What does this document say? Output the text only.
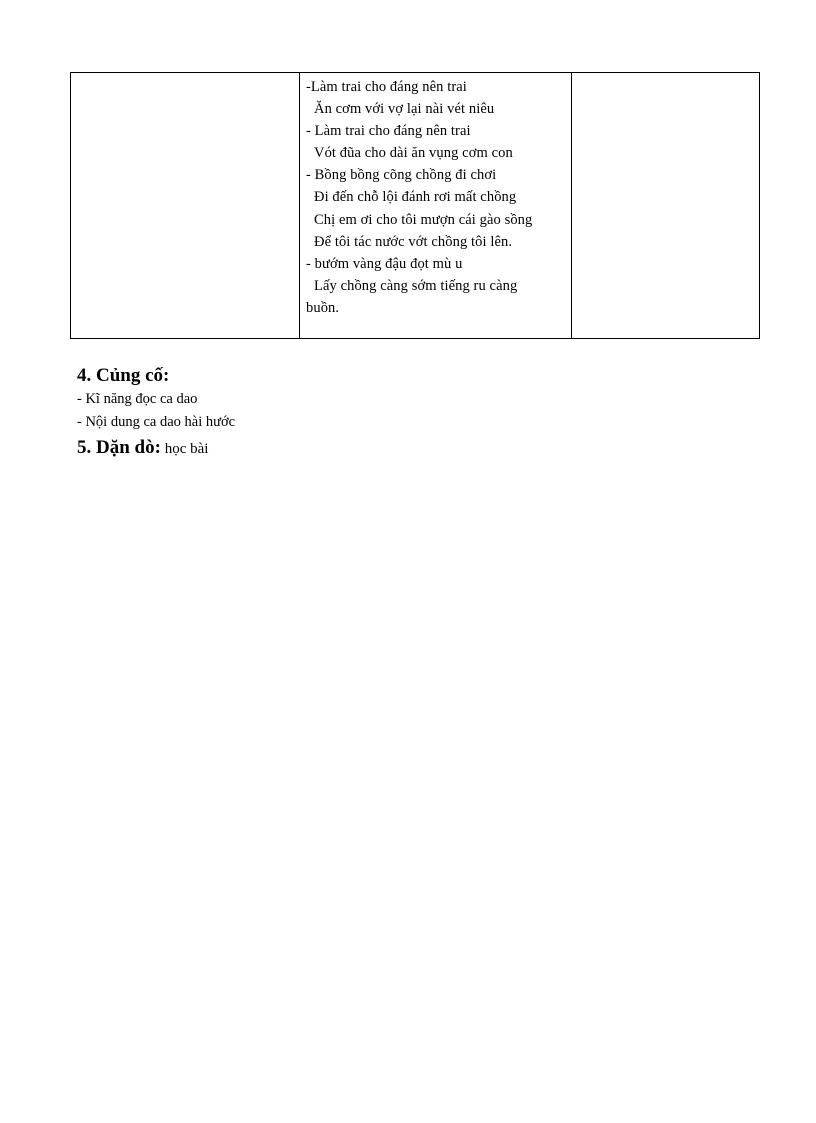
-Làm trai cho đáng nên trai
Ăn cơm với vợ lại nài vét niêu
- Làm trai cho đáng nên trai
Vót đũa cho dài ăn vụng cơm con
- Bồng bồng cõng chồng đi chơi
Đi đến chỗ lội đánh rơi mất chồng
Chị em ơi cho tôi mượn cái gào sồng
Để tôi tác nước vớt chồng tôi lên.
- bướm vàng đậu đọt mù u
Lấy chồng càng sớm tiếng ru càng
buồn.

4. Củng cố:
- Kĩ năng đọc ca dao
- Nội dung ca dao hài hước
5. Dặn dò: học bài
